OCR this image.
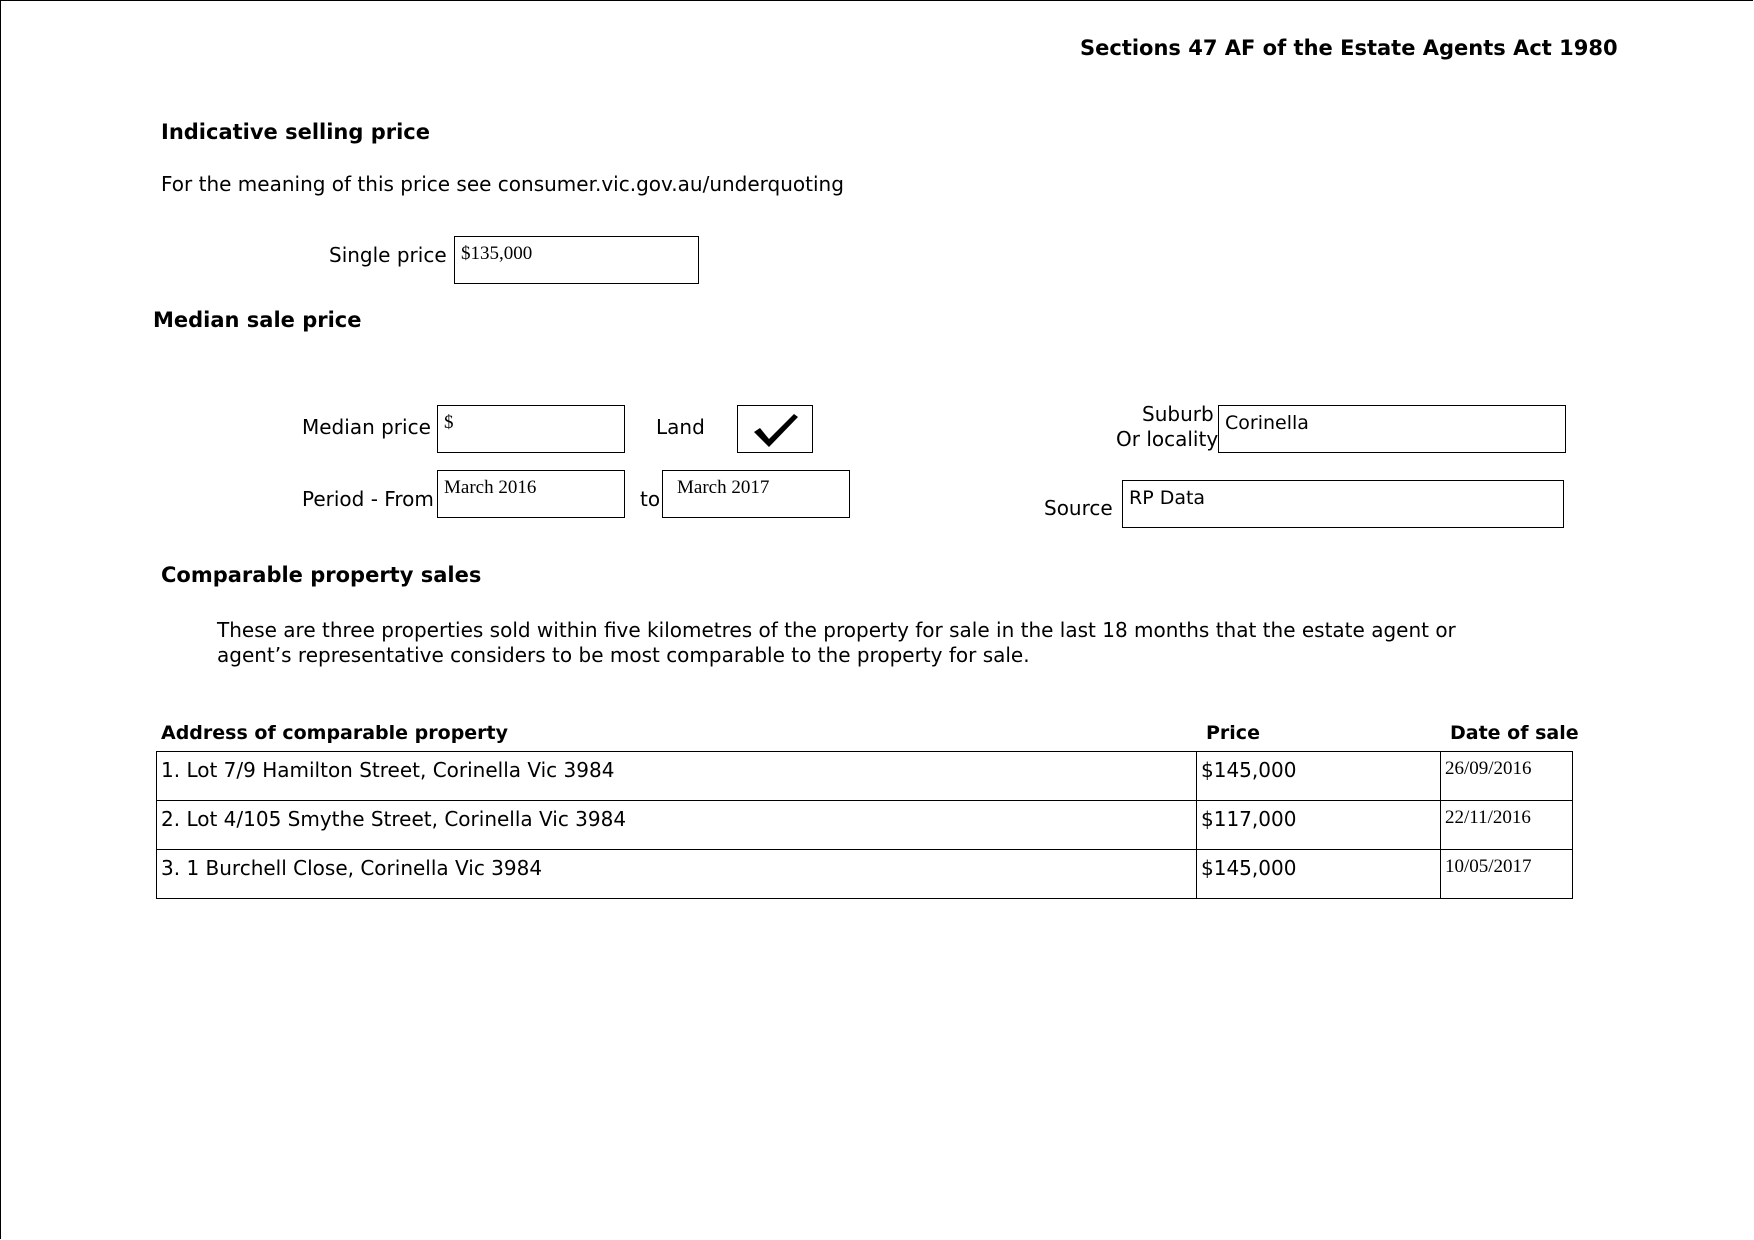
Sections 47 AF of the Estate Agents Act 1980
Indicative selling price
For the meaning of this price see consumer.vic.gov.au/underquoting
Single price $135,000
Median sale price
Median price $	Land
Suburb
Or locality
Corinella
Period - From March 2016	to March 2017
Source RP Data
Comparable property sales
These are three properties sold within five kilometres of the property for sale in the last 18 months that the estate agent or
agent’s representative considers to be most comparable to the property for sale.
Address of comparable property	Price	Date of sale
1. Lot 7/9 Hamilton Street, Corinella Vic 3984	$145,000	26/09/2016
2. Lot 4/105 Smythe Street, Corinella Vic 3984	$117,000	22/11/2016
3. 1 Burchell Close, Corinella Vic 3984	$145,000	10/05/2017
